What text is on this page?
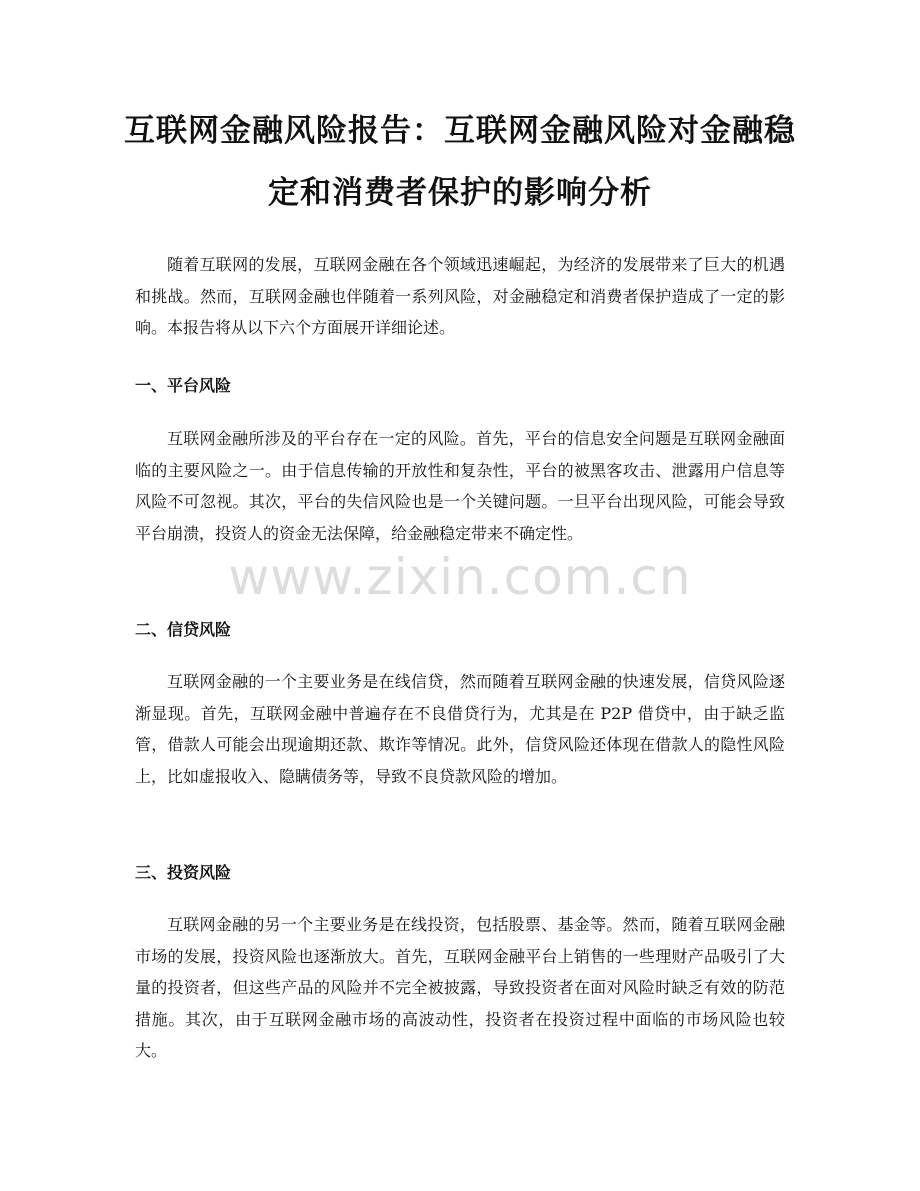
互联网金融风险报告：互联网金融风险对金融稳定和消费者保护的影响分析

随着互联网的发展，互联网金融在各个领域迅速崛起，为经济的发展带来了巨大的机遇和挑战。然而，互联网金融也伴随着一系列风险，对金融稳定和消费者保护造成了一定的影响。本报告将从以下六个方面展开详细论述。

一、平台风险

互联网金融所涉及的平台存在一定的风险。首先，平台的信息安全问题是互联网金融面临的主要风险之一。由于信息传输的开放性和复杂性，平台的被黑客攻击、泄露用户信息等风险不可忽视。其次，平台的失信风险也是一个关键问题。一旦平台出现风险，可能会导致平台崩溃，投资人的资金无法保障，给金融稳定带来不确定性。

二、信贷风险

互联网金融的一个主要业务是在线信贷，然而随着互联网金融的快速发展，信贷风险逐渐显现。首先，互联网金融中普遍存在不良借贷行为，尤其是在 P2P 借贷中，由于缺乏监管，借款人可能会出现逾期还款、欺诈等情况。此外，信贷风险还体现在借款人的隐性风险上，比如虚报收入、隐瞒债务等，导致不良贷款风险的增加。

三、投资风险

互联网金融的另一个主要业务是在线投资，包括股票、基金等。然而，随着互联网金融市场的发展，投资风险也逐渐放大。首先，互联网金融平台上销售的一些理财产品吸引了大量的投资者，但这些产品的风险并不完全被披露，导致投资者在面对风险时缺乏有效的防范措施。其次，由于互联网金融市场的高波动性，投资者在投资过程中面临的市场风险也较大。

www.zixin.com.cn
